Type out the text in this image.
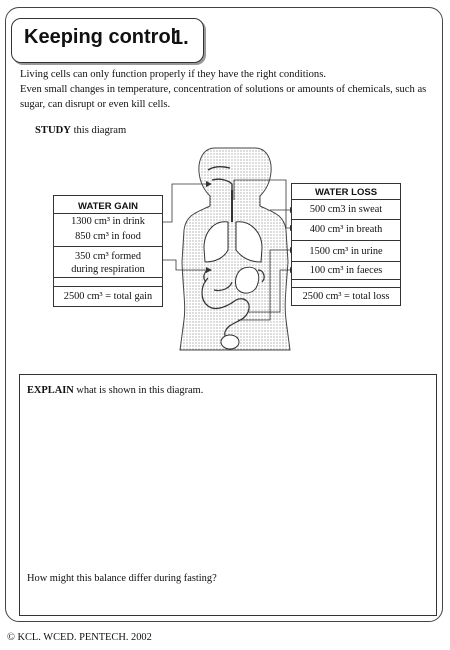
Keeping control
1.

Living cells can only function properly if they have the right conditions.

Even small changes in temperature, concentration of solutions or amounts of chemicals, such as sugar, can disrupt or even kill cells.

STUDY this diagram
WATER GAIN
1300 cm³ in drink
850 cm³ in food
350 cm³ formed
during respiration
2500 cm³ = total gain
WATER LOSS
500 cm3 in sweat
400 cm³ in breath
1500 cm³ in urine
100 cm³ in faeces
2500 cm³ = total loss
EXPLAIN what is shown in this diagram.
How might this balance differ during fasting?
© KCL. WCED. PENTECH. 2002
